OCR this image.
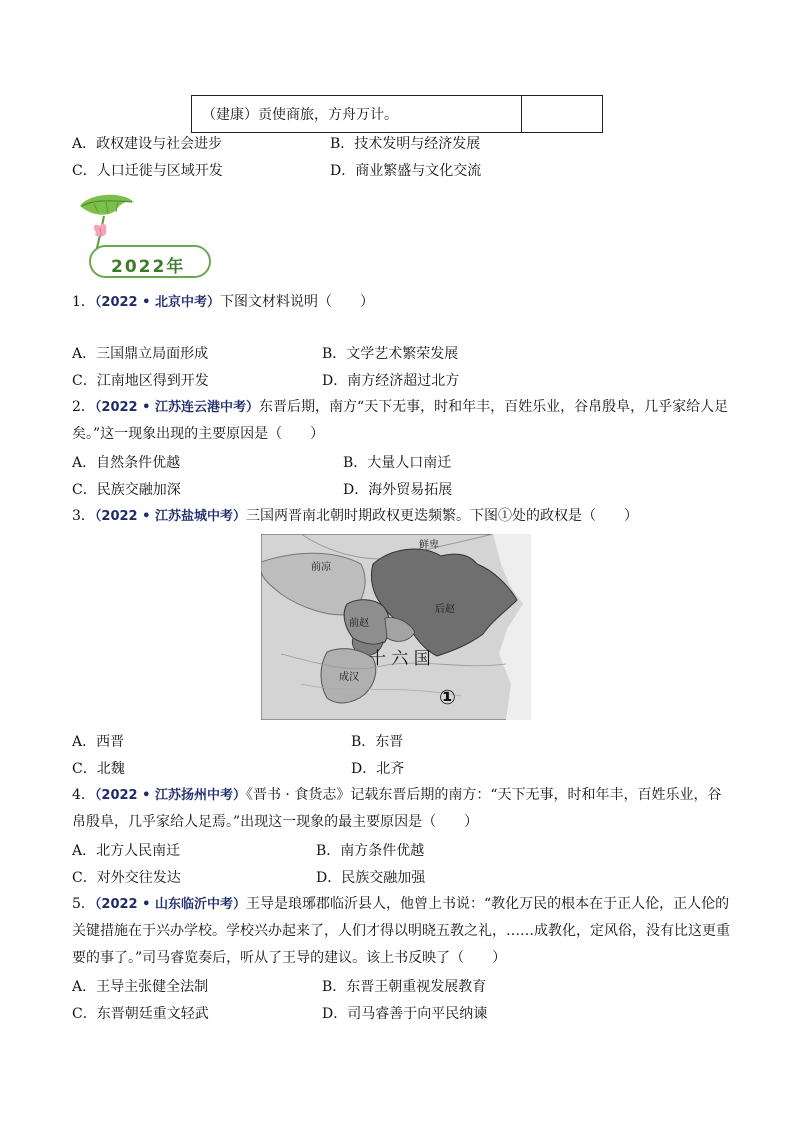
（建康）贡使商旅，方舟万计。
A．政权建设与社会进步	B．技术发明与经济发展
C．人口迁徙与区域开发	D．商业繁盛与文化交流
2022年
1．（2022 • 北京中考）下图文材料说明（　　）
A．三国鼎立局面形成	B．文学艺术繁荣发展
C．江南地区得到开发	D．南方经济超过北方
2．（2022 • 江苏连云港中考）东晋后期，南方“天下无事，时和年丰，百姓乐业，谷帛殷阜，几乎家给人足矣。”这一现象出现的主要原因是（　　）
A．自然条件优越	B．大量人口南迁
C．民族交融加深	D．海外贸易拓展
3．（2022 • 江苏盐城中考）三国两晋南北朝时期政权更迭频繁。下图①处的政权是（　　）
鲜卑
前凉
后赵
前赵
成汉
十 六 国
①
A．西晋	B．东晋
C．北魏	D．北齐
4．（2022 • 江苏扬州中考）《晋书 · 食货志》记载东晋后期的南方：“天下无事，时和年丰，百姓乐业，谷帛殷阜，几乎家给人足焉。”出现这一现象的最主要原因是（　　）
A．北方人民南迁	B．南方条件优越
C．对外交往发达	D．民族交融加强
5．（2022 • 山东临沂中考）王导是琅琊郡临沂县人，他曾上书说：“教化万民的根本在于正人伦，正人伦的关键措施在于兴办学校。学校兴办起来了，人们才得以明晓五教之礼，……成教化，定风俗，没有比这更重要的事了。”司马睿览奏后，听从了王导的建议。该上书反映了（　　）
A．王导主张健全法制	B．东晋王朝重视发展教育
C．东晋朝廷重文轻武	D．司马睿善于向平民纳谏
